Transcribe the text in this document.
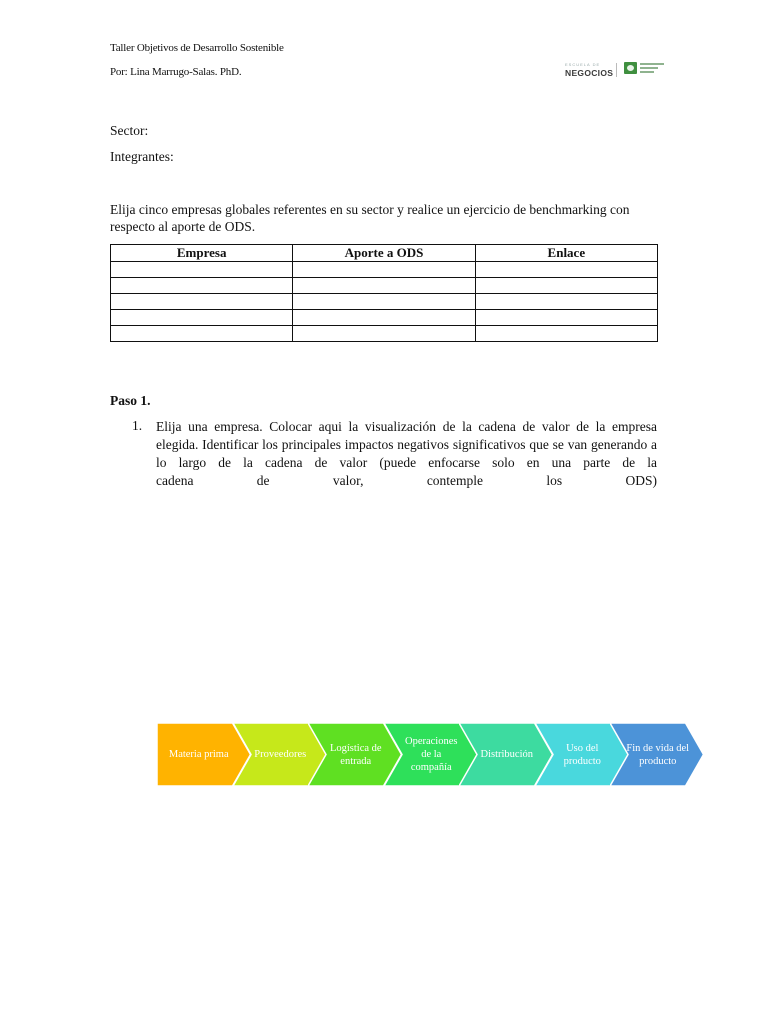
Taller Objetivos de Desarrollo Sostenible
Por: Lina Marrugo-Salas. PhD.
ESCUELA DE
NEGOCIOS
Sector:
Integrantes:
Elija cinco empresas globales referentes en su sector y realice un ejercicio de benchmarking con respecto al aporte de ODS.
Empresa	Aporte a ODS	Enlace

Paso 1.
1. Elija una empresa. Colocar aqui la visualización de la cadena de valor de la empresa elegida. Identificar los principales impactos negativos significativos que se van generando a lo largo de la cadena de valor (puede enfocarse solo en una parte de la
cadena de valor, contemple los ODS)
Materia prima	Proveedores
Logística de entrada
Operaciones de la compañía
Distribución
Uso del producto
Fin de vida del producto
